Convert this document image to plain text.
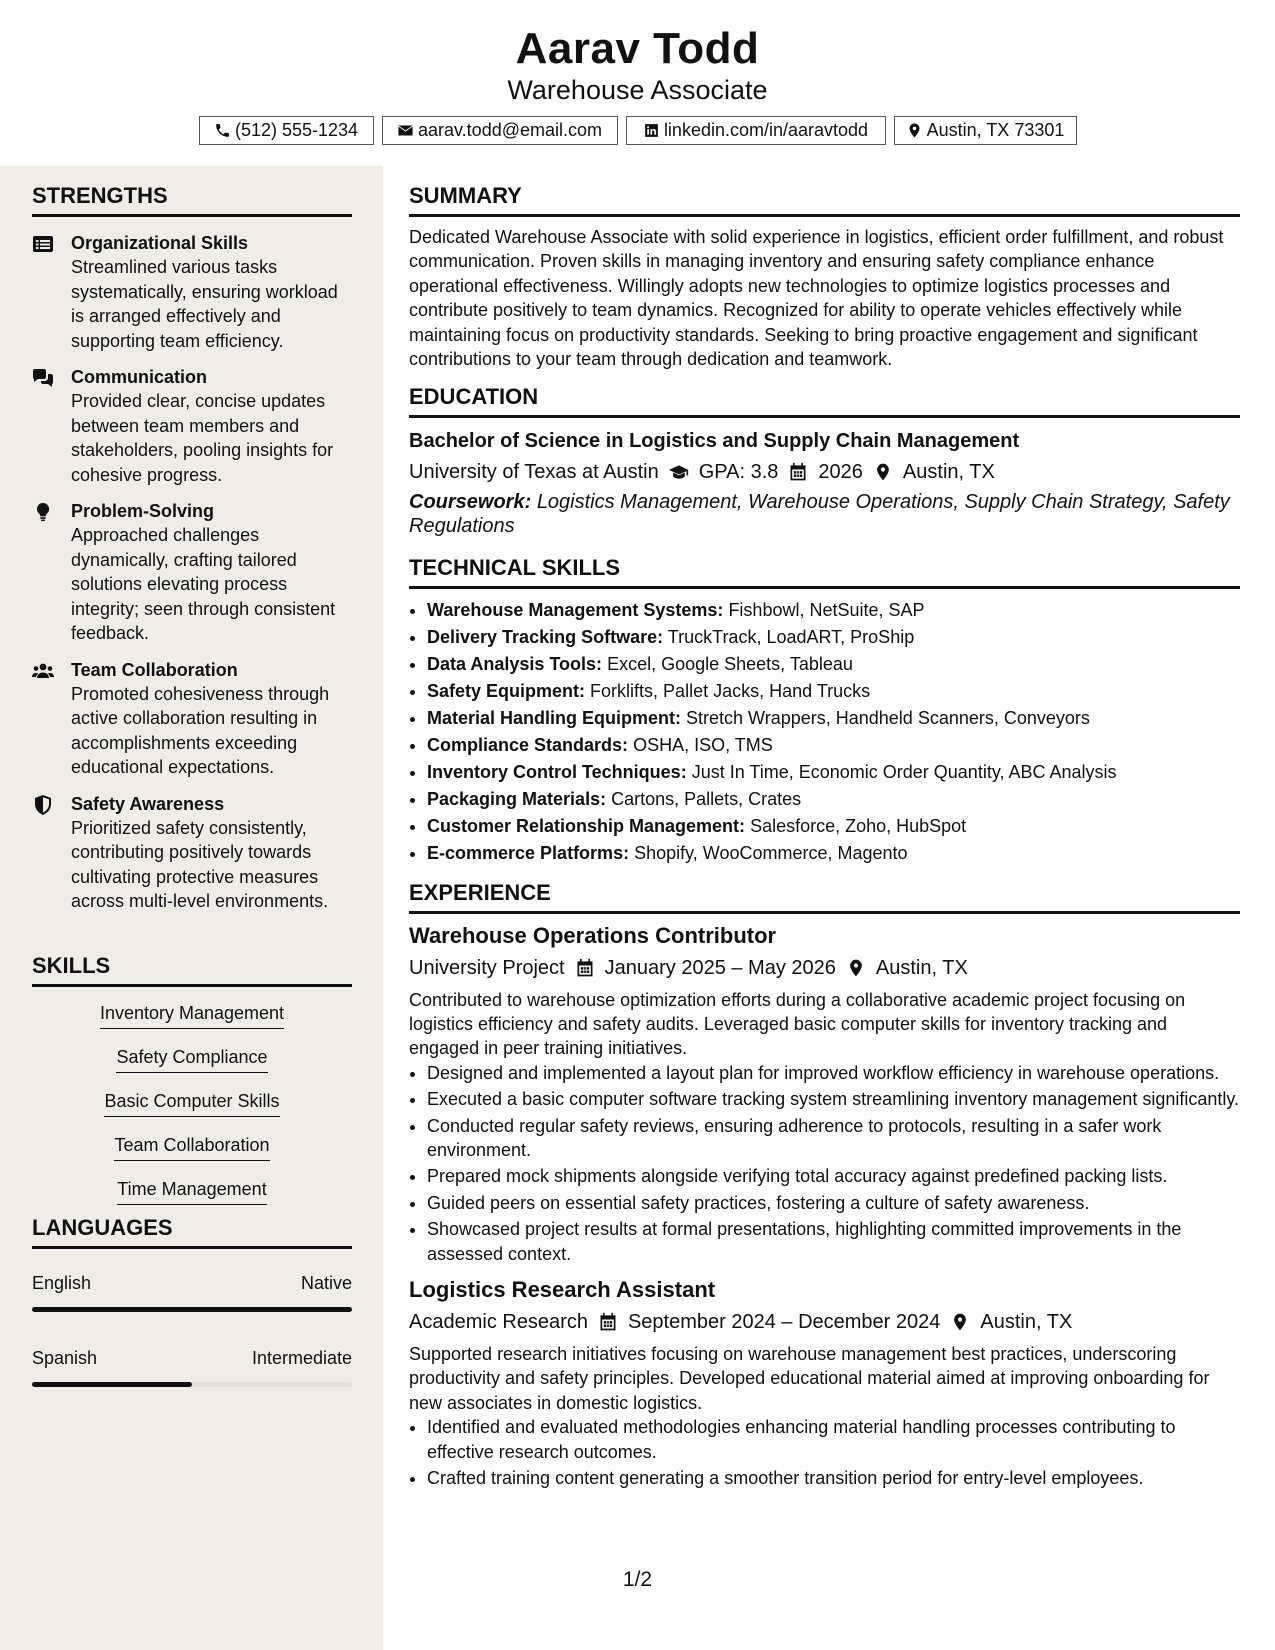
Aarav Todd
Warehouse Associate
(512) 555-1234	aarav.todd@email.com	linkedin.com/in/aaravtodd	Austin, TX 73301
STRENGTHS
Organizational Skills
Streamlined various tasks systematically, ensuring workload is arranged effectively and supporting team efficiency.
Communication
Provided clear, concise updates between team members and stakeholders, pooling insights for cohesive progress.
Problem-Solving
Approached challenges dynamically, crafting tailored solutions elevating process integrity; seen through consistent feedback.
Team Collaboration
Promoted cohesiveness through active collaboration resulting in accomplishments exceeding educational expectations.
Safety Awareness
Prioritized safety consistently, contributing positively towards cultivating protective measures across multi-level environments.
SKILLS
Inventory Management
Safety Compliance
Basic Computer Skills
Team Collaboration
Time Management
LANGUAGES
English	Native
Spanish	Intermediate
SUMMARY
Dedicated Warehouse Associate with solid experience in logistics, efficient order fulfillment, and robust communication. Proven skills in managing inventory and ensuring safety compliance enhance operational effectiveness. Willingly adopts new technologies to optimize logistics processes and contribute positively to team dynamics. Recognized for ability to operate vehicles effectively while maintaining focus on productivity standards. Seeking to bring proactive engagement and significant contributions to your team through dedication and teamwork.
EDUCATION
Bachelor of Science in Logistics and Supply Chain Management
University of Texas at Austin GPA: 3.8 2026 Austin, TX
Coursework: Logistics Management, Warehouse Operations, Supply Chain Strategy, Safety Regulations
TECHNICAL SKILLS
• Warehouse Management Systems: Fishbowl, NetSuite, SAP
• Delivery Tracking Software: TruckTrack, LoadART, ProShip
• Data Analysis Tools: Excel, Google Sheets, Tableau
• Safety Equipment: Forklifts, Pallet Jacks, Hand Trucks
• Material Handling Equipment: Stretch Wrappers, Handheld Scanners, Conveyors
• Compliance Standards: OSHA, ISO, TMS
• Inventory Control Techniques: Just In Time, Economic Order Quantity, ABC Analysis
• Packaging Materials: Cartons, Pallets, Crates
• Customer Relationship Management: Salesforce, Zoho, HubSpot
• E-commerce Platforms: Shopify, WooCommerce, Magento
EXPERIENCE
Warehouse Operations Contributor
University Project January 2025 – May 2026 Austin, TX
Contributed to warehouse optimization efforts during a collaborative academic project focusing on logistics efficiency and safety audits. Leveraged basic computer skills for inventory tracking and engaged in peer training initiatives.
• Designed and implemented a layout plan for improved workflow efficiency in warehouse operations.
• Executed a basic computer software tracking system streamlining inventory management significantly.
• Conducted regular safety reviews, ensuring adherence to protocols, resulting in a safer work environment.
• Prepared mock shipments alongside verifying total accuracy against predefined packing lists.
• Guided peers on essential safety practices, fostering a culture of safety awareness.
• Showcased project results at formal presentations, highlighting committed improvements in the assessed context.
Logistics Research Assistant
Academic Research September 2024 – December 2024 Austin, TX
Supported research initiatives focusing on warehouse management best practices, underscoring productivity and safety principles. Developed educational material aimed at improving onboarding for new associates in domestic logistics.
• Identified and evaluated methodologies enhancing material handling processes contributing to effective research outcomes.
• Crafted training content generating a smoother transition period for entry-level employees.
1/2
